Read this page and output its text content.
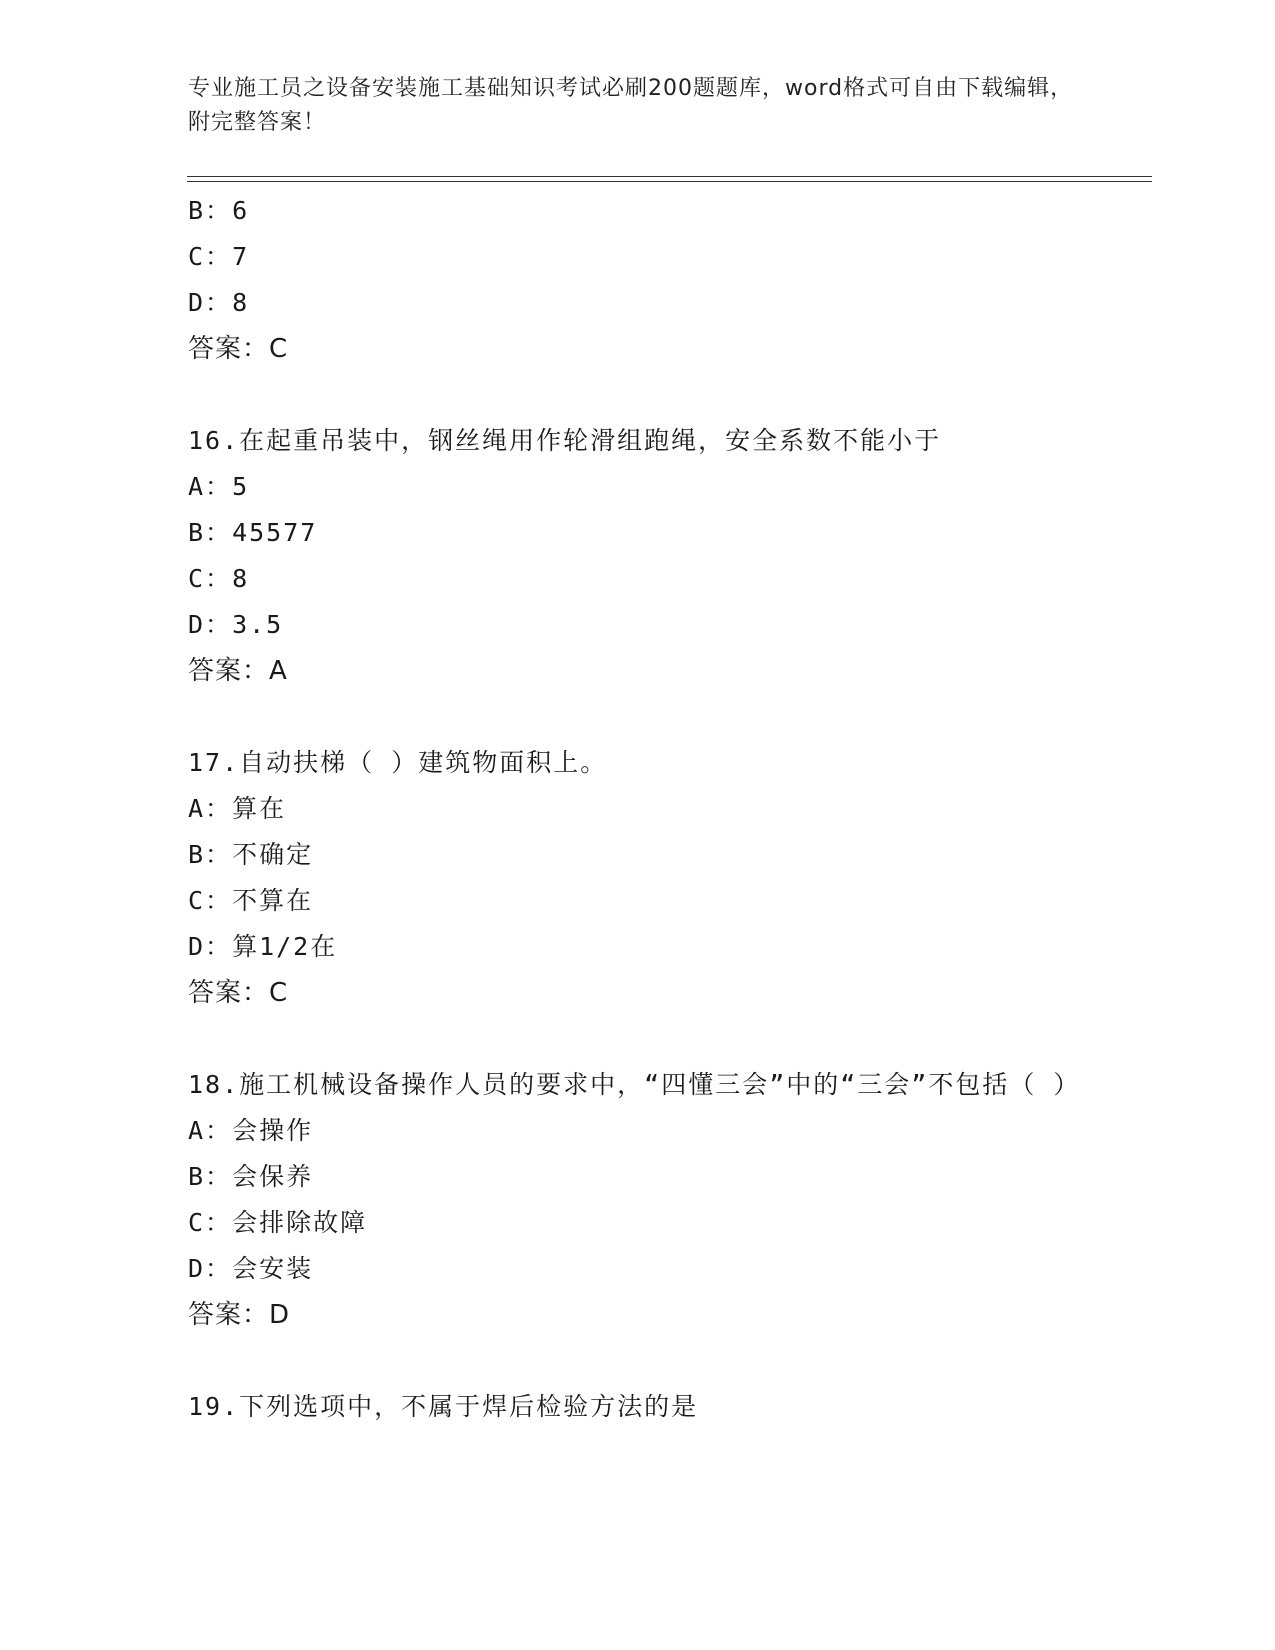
专业施工员之设备安装施工基础知识考试必刷200题题库，word格式可自由下载编辑，附完整答案！
B：6
C：7
D：8
答案：C
16.在起重吊装中，钢丝绳用作轮滑组跑绳，安全系数不能小于
A：5
B：45577
C：8
D：3.5
答案：A
17.自动扶梯（ ）建筑物面积上。
A：算在
B：不确定
C：不算在
D：算1/2在
答案：C
18.施工机械设备操作人员的要求中，“四懂三会”中的“三会”不包括（ ）
A：会操作
B：会保养
C：会排除故障
D：会安装
答案：D
19.下列选项中，不属于焊后检验方法的是
